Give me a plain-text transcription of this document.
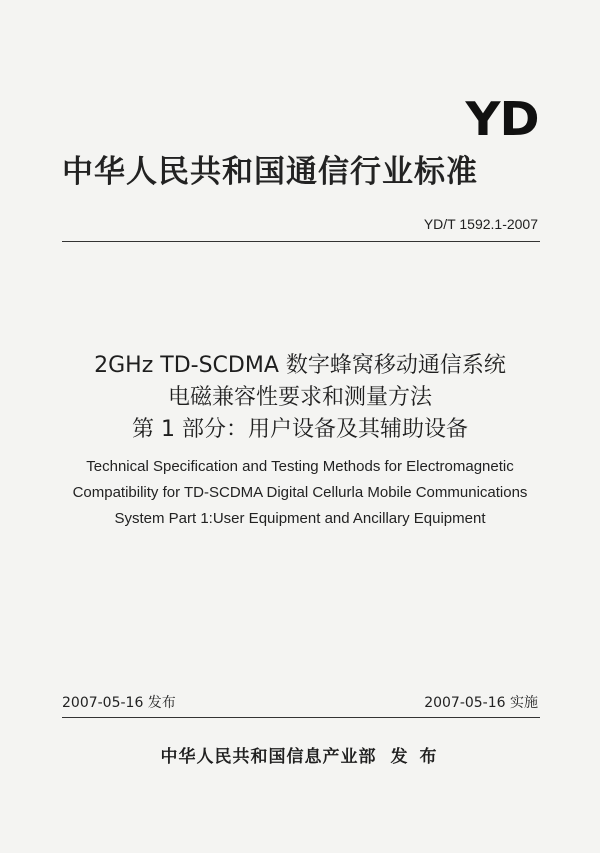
YD
中华人民共和国通信行业标准
YD/T 1592.1-2007
2GHz TD-SCDMA 数字蜂窝移动通信系统
电磁兼容性要求和测量方法
第 1 部分：用户设备及其辅助设备
Technical Specification and Testing Methods for Electromagnetic
Compatibility for TD-SCDMA Digital Cellurla Mobile Communications
System Part 1:User Equipment and Ancillary Equipment
2007-05-16 发布	2007-05-16 实施
中华人民共和国信息产业部 发 布
